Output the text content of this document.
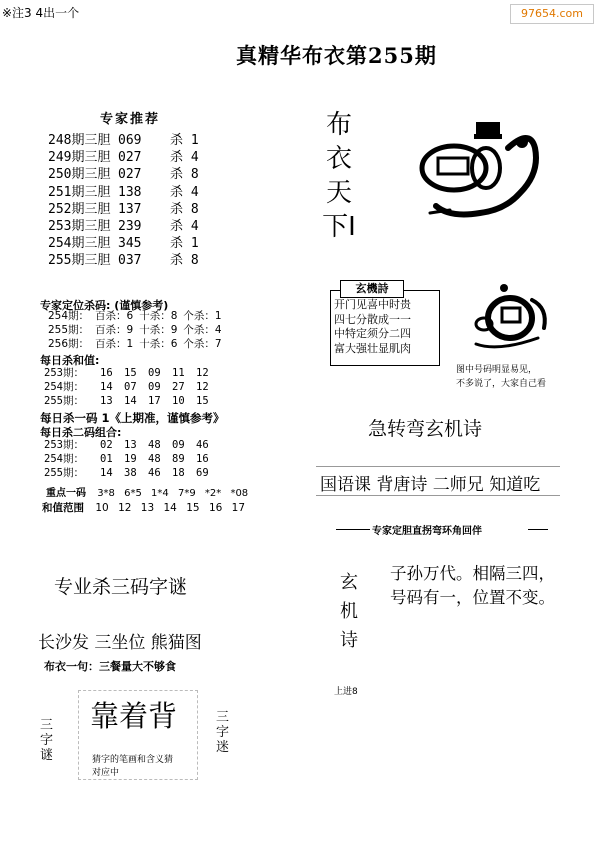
※注3 4出一个	97654.com
真精华布衣第255期
专家推荐
248期三胆 069	杀 1
249期三胆 027	杀 4
250期三胆 027	杀 8
251期三胆 138	杀 4
252期三胆 137	杀 8
253期三胆 239	杀 4
254期三胆 345	杀 1
255期三胆 037	杀 8
专家定位杀码: (谨慎参考)
254期： 百杀：6 十杀：8 个杀：1
255期： 百杀：9 十杀：9 个杀：4
256期： 百杀：1 十杀：6 个杀：7
每日杀和值:
253期： 16 15 09 11 12
254期： 14 07 09 27 12
255期： 13 14 17 10 15
每日杀一码 1《上期准，谨慎参考》
每日杀二码组合:
253期： 02 13 48 09 46
254期： 01 19 48 89 16
255期： 14 38 46 18 69
重点一码 3*8 6*5 1*4 7*9 *2* *08
和值范围 10 12 13 14 15 16 17
专业杀三码字谜
长沙发 三坐位 熊猫图
布衣一句：三餐量大不够食
三字谜
靠着背
猜字的笔画和含义猜
对应中
三字迷
布衣天下I
玄機詩
开门见喜中时贵
四七分散成一一
中特定须分二四
富大强壮显肌肉
图中号码明显易见，
不多说了，大家自己看
急转弯玄机诗
国语课 背唐诗 二师兄 知道吃
专家定胆直拐弯环角回伴
玄机诗
子孙万代。相隔三四，
号码有一，位置不变。
上进8
